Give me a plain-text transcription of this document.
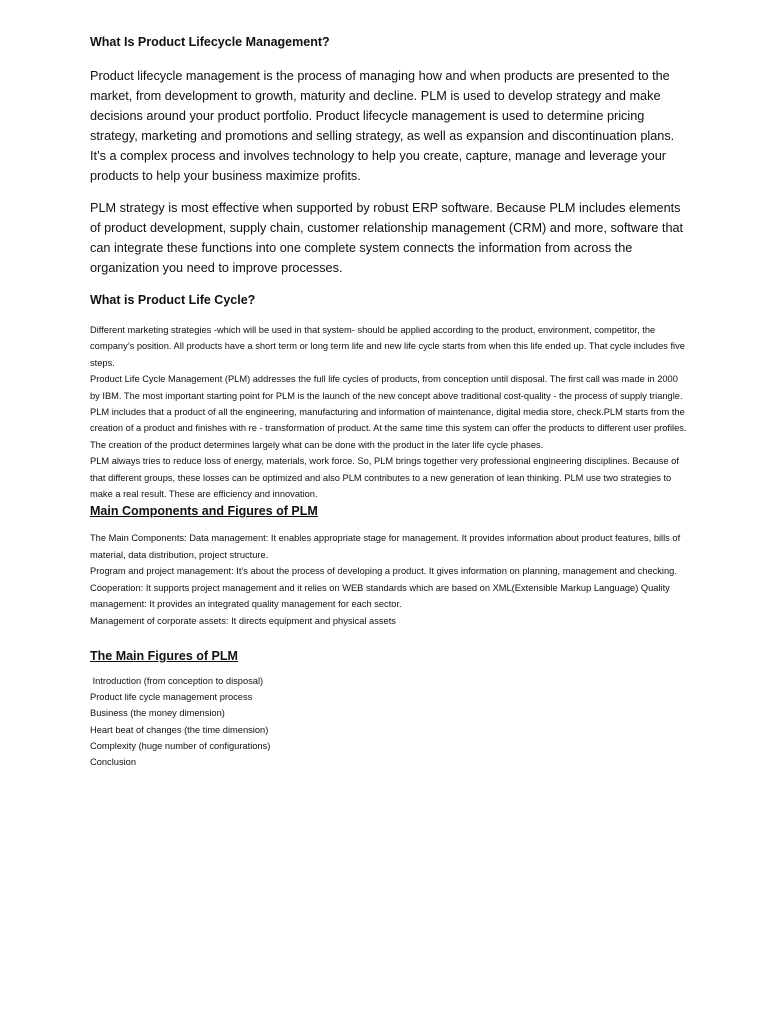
What Is Product Lifecycle Management?

Product lifecycle management is the process of managing how and when products are presented to the market, from development to growth, maturity and decline. PLM is used to develop strategy and make decisions around your product portfolio. Product lifecycle management is used to determine pricing strategy, marketing and promotions and selling strategy, as well as expansion and discontinuation plans. It’s a complex process and involves technology to help you create, capture, manage and leverage your products to help your business maximize profits.

PLM strategy is most effective when supported by robust ERP software. Because PLM includes elements of product development, supply chain, customer relationship management (CRM) and more, software that can integrate these functions into one complete system connects the information from across the organization you need to improve processes.

What is Product Life Cycle?
Different marketing strategies -which will be used in that system- should be applied according to the product, environment, competitor, the company’s position. All products have a short term or long term life and new life cycle starts from when this life ended up. That cycle includes five steps.
Product Life Cycle Management (PLM) addresses the full life cycles of products, from conception until disposal. The first call was made in 2000 by IBM. The most important starting point for PLM is the launch of the new concept above traditional cost-quality - the process of supply triangle.
PLM includes that a product of all the engineering, manufacturing and information of maintenance, digital media store, check.PLM starts from the creation of a product and finishes with re - transformation of product. At the same time this system can offer the products to different user profiles. The creation of the product determines largely what can be done with the product in the later life cycle phases.
PLM always tries to reduce loss of energy, materials, work force. So, PLM brings together very professional engineering disciplines. Because of that different groups, these losses can be optimized and also PLM contributes to a new generation of lean thinking. PLM use two strategies to make a real result. These are efficiency and innovation.
Main Components and Figures of PLM
The Main Components: Data management: It enables appropriate stage for management. It provides information about product features, bills of material, data distribution, project structure.
Program and project management: It’s about the process of developing a product. It gives information on planning, management and checking. Cooperation: It supports project management and it relies on WEB standards which are based on XML(Extensible Markup Language) Quality management: It provides an integrated quality management for each sector.
Management of corporate assets: It directs equipment and physical assets
The Main Figures of PLM
Introduction (from conception to disposal)
Product life cycle management process
Business (the money dimension)
Heart beat of changes (the time dimension)
Complexity (huge number of configurations)
Conclusion
